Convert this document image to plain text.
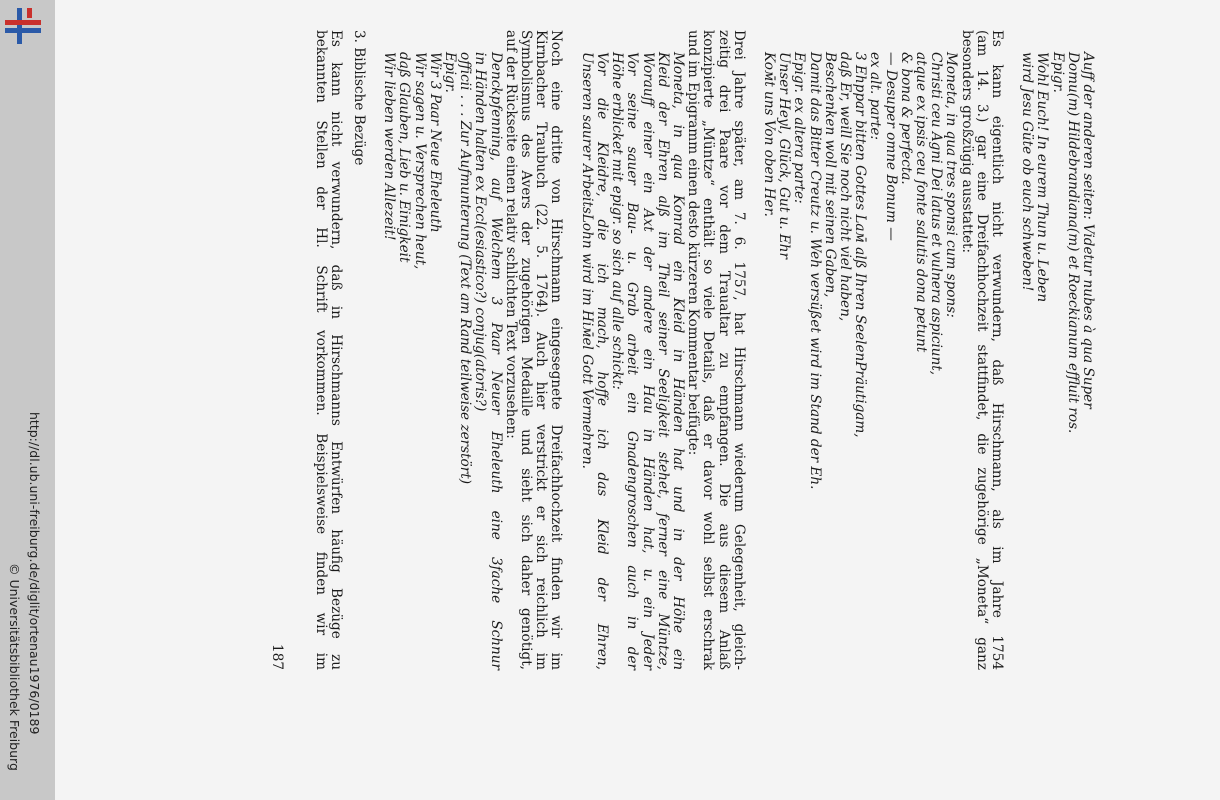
http://dl.ub.uni-freiburg.de/diglit/ortenau1976/0189
© Universitätsbibliothek Freiburg

Auff der anderen seiten: Videtur nubes à qua Super

Domu(m) Hildebrandiana(m) et Roeckianum effluit ros.

Epigr.

Wohl Euch! In eurem Thun u. Leben

wird Jesu Güte ob euch schweben!

Es kann eigentlich nicht verwundern, daß Hirschmann, als im Jahre 1754

(am 14. 3.) gar eine Dreifachhochzeit stattfindet, die zugehörige „Moneta“ ganz

besonders großzügig ausstattet:

Moneta, in qua tres sponsi cum spons:

Christi ceu Agni Dei latus et vulnera aspiciunt,

atque ex ipsis ceu fonte salutis dona petunt

& bona & perfecta.

— Desuper omne Bonum —

ex alt. parte:

3 Ehppar bitten Gottes Laм̄ alß Ihren SeelenPräutigam,

daß Er, weill Sie noch nicht viel haben,

Beschenken woll mit seinen Gaben,

Damit das Bitter Creutz u. Weh versüßet wird im Stand der Eh.

Epigr. ex altera parte:

Unser Heyl, Glück, Gut u. Ehr

Koм̄t uns Von oben Her.

Drei Jahre später, am 7. 6. 1757, hat Hirschmann wiederum Gelegenheit, gleich-

zeitig drei Paare vor dem Traualtar zu empfangen. Die aus diesem Anlaß

konzipierte „Müntze“ enthält so viele Details, daß er davor wohl selbst erschrak

und im Epigramm einen desto kürzeren Kommentar beifügte:

Moneta, in qua Konrad ein Kleid in Händen hat und in der Höhe ein

Kleid der Ehren alß im Theil seiner Seeligkeit stehet, ferner eine Müntze,

Worauff einer ein Axt der andere ein Hau in Händen hat, u. ein Jeder

Vor seine sauer Bau- u. Grab arbeit ein Gnadengroschen auch in der

Höhe erblicket mit epigr. so sich auf alle schickt:

Vor die Kleidre, die ich mach, hoffe ich das Kleid der Ehren,

Unseren saurer ArbeitsLohn wird im Hiм̄el Gott Vermehren.

Noch eine dritte von Hirschmann eingesegnete Dreifachhochzeit finden wir im

Kirnbacher Traubuch (22. 5. 1764). Auch hier verstrickt er sich reichlich im

Symbolismus des Avers der zugehörigen Medaille und sieht sich daher genötigt,

auf der Rückseite einen relativ schlichten Text vorzusehen:

Denckpfenning, auf Welchem 3 Paar Neuer Eheleuth eine 3fache Schnur

in Händen halten ex Eccl(esiastico?) conjug(atoris?)

officii . . . Zur Aufmunterung (Text am Rand teilweise zerstört)

Epigr.

Wir 3 Paar Neue Eheleuth

Wir sagen u. Versprechen heut,

daß Glauben, Lieb u. Einigkeit

Wir lieben werden Allezeit!

3. Biblische Bezüge

Es kann nicht verwundern, daß in Hirschmanns Entwürfen häufig Bezüge zu

bekannten Stellen der Hl. Schrift vorkommen. Beispielsweise finden wir im

187
